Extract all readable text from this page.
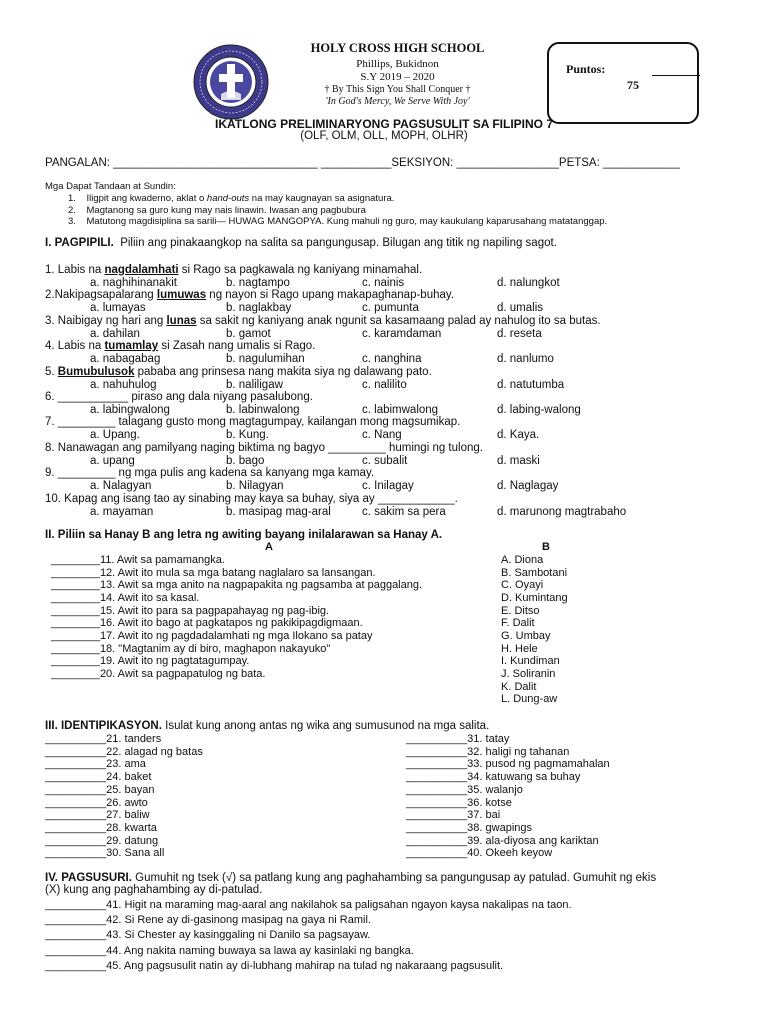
HOLY CROSS HIGH SCHOOL
Phillips, Bukidnon
S.Y 2019 – 2020
† By This Sign You Shall Conquer †
'In God's Mercy, We Serve With Joy'
Puntos:
75
IKATLONG PRELIMINARYONG PAGSUSULIT SA FILIPINO 7
(OLF, OLM, OLL, MOPH, OLHR)
PANGALAN: ________________________________ ___________SEKSIYON: ________________PETSA: ____________
Mga Dapat Tandaan at Sundin:
1. Iligpit ang kwaderno, aklat o hand-outs na may kaugnayan sa asignatura.
2. Magtanong sa guro kung may nais linawin. Iwasan ang pagbubura
3. Matutong magdisiplina sa sarili— HUWAG MANGOPYA. Kung mahuli ng guro, may kaukulang kaparusahang matatanggap.
I. PAGPIPILI. Piliin ang pinakaangkop na salita sa pangungusap. Bilugan ang titik ng napiling sagot.
1. Labis na nagdalamhati si Rago sa pagkawala ng kaniyang minamahal.
a. naghihinanakit	b. nagtampo	c. nainis	d. nalungkot
2.Nakipagsapalarang lumuwas ng nayon si Rago upang makapaghanap-buhay.
a. lumayas	b. naglakbay	c. pumunta	d. umalis
3. Naibigay ng hari ang lunas sa sakit ng kaniyang anak ngunit sa kasamaang palad ay nahulog ito sa butas.
a. dahilan	b. gamot	c. karamdaman	d. reseta
4. Labis na tumamlay si Zasah nang umalis si Rago.
a. nabagabag	b. nagulumihan	c. nanghina	d. nanlumo
5. Bumubulusok pababa ang prinsesa nang makita siya ng dalawang pato.
a. nahuhulog	b. naliligaw	c. nalilito	d. natutumba
6. ___________ piraso ang dala niyang pasalubong.
a. labingwalong	b. labinwalong	c. labimwalong	d. labing-walong
7. _________ talagang gusto mong magtagumpay, kailangan mong magsumikap.
a. Upang.	b. Kung.	c. Nang	d. Kaya.
8. Nanawagan ang pamilyang naging biktima ng bagyo _________ humingi ng tulong.
a. upang	b. bago	c. subalit	d. maski
9. _________ ng mga pulis ang kadena sa kanyang mga kamay.
a. Nalagyan	b. Nilagyan	c. Inilagay	d. Naglagay
10. Kapag ang isang tao ay sinabing may kaya sa buhay, siya ay ____________.
a. mayaman	b. masipag mag-aral	c. sakim sa pera	d. marunong magtrabaho
II. Piliin sa Hanay B ang letra ng awiting bayang inilalarawan sa Hanay A.
A	B
________11. Awit sa pamamangka.
________12. Awit ito mula sa mga batang naglalaro sa lansangan.
________13. Awit sa mga anito na nagpapakita ng pagsamba at paggalang.
________14. Awit ito sa kasal.
________15. Awit ito para sa pagpapahayag ng pag-ibig.
________16. Awit ito bago at pagkatapos ng pakikipagdigmaan.
________17. Awit ito ng pagdadalamhati ng mga Ilokano sa patay
________18. "Magtanim ay di biro, maghapon nakayuko"
________19. Awit ito ng pagtatagumpay.
________20. Awit sa pagpapatulog ng bata.
A. Diona
B. Sambotani
C. Oyayi
D. Kumintang
E. Ditso
F. Dalit
G. Umbay
H. Hele
I. Kundiman
J. Soliranin
K. Dalit
L. Dung-aw
III. IDENTIPIKASYON. Isulat kung anong antas ng wika ang sumusunod na mga salita.
__________21. tanders
__________22. alagad ng batas
__________23. ama
__________24. baket
__________25. bayan
__________26. awto
__________27. baliw
__________28. kwarta
__________29. datung
__________30. Sana all
__________31. tatay
__________32. haligi ng tahanan
__________33. pusod ng pagmamahalan
__________34. katuwang sa buhay
__________35. walanjo
__________36. kotse
__________37. bai
__________38. gwapings
__________39. ala-diyosa ang kariktan
__________40. Okeeh keyow
IV. PAGSUSURI. Gumuhit ng tsek (√) sa patlang kung ang paghahambing sa pangungusap ay patulad. Gumuhit ng ekis
(X) kung ang paghahambing ay di-patulad.
__________41. Higit na maraming mag-aaral ang nakilahok sa paligsahan ngayon kaysa nakalipas na taon.
__________42. Si Rene ay di-gasinong masipag na gaya ni Ramil.
__________43. Si Chester ay kasinggaling ni Danilo sa pagsayaw.
__________44. Ang nakita naming buwaya sa lawa ay kasinlaki ng bangka.
__________45. Ang pagsusulit natin ay di-lubhang mahirap na tulad ng nakaraang pagsusulit.
